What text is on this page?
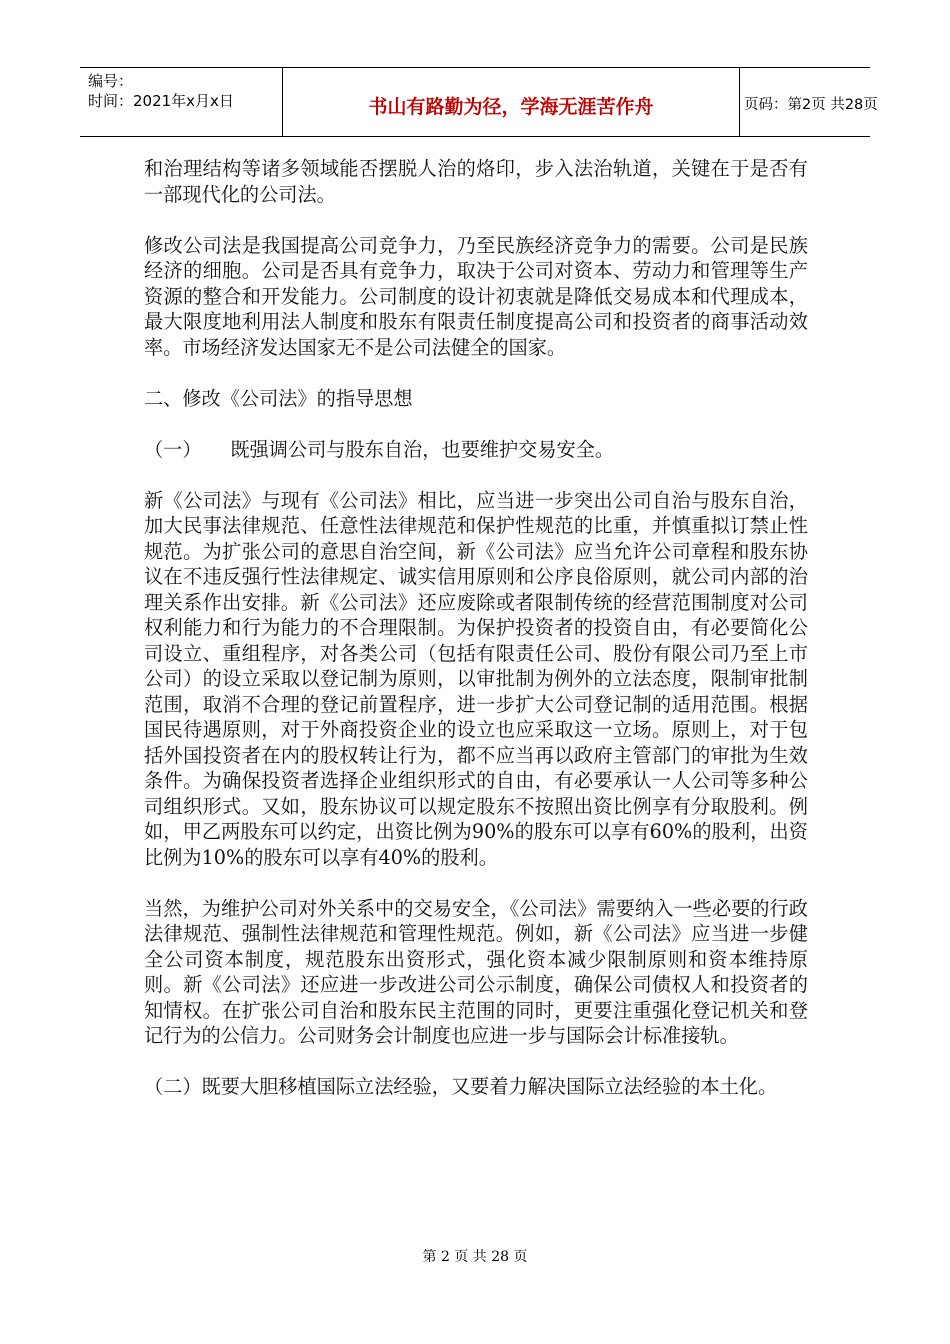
编号：
时间：2021年x月x日	书山有路勤为径，学海无涯苦作舟	页码：第2页 共28页

和治理结构等诸多领域能否摆脱人治的烙印，步入法治轨道，关键在于是否有一部现代化的公司法。

修改公司法是我国提高公司竞争力，乃至民族经济竞争力的需要。公司是民族经济的细胞。公司是否具有竞争力，取决于公司对资本、劳动力和管理等生产资源的整合和开发能力。公司制度的设计初衷就是降低交易成本和代理成本，最大限度地利用法人制度和股东有限责任制度提高公司和投资者的商事活动效率。市场经济发达国家无不是公司法健全的国家。

二、修改《公司法》的指导思想

（一）　　既强调公司与股东自治，也要维护交易安全。

新《公司法》与现有《公司法》相比，应当进一步突出公司自治与股东自治，加大民事法律规范、任意性法律规范和保护性规范的比重，并慎重拟订禁止性规范。为扩张公司的意思自治空间，新《公司法》应当允许公司章程和股东协议在不违反强行性法律规定、诚实信用原则和公序良俗原则，就公司内部的治理关系作出安排。新《公司法》还应废除或者限制传统的经营范围制度对公司权利能力和行为能力的不合理限制。为保护投资者的投资自由，有必要简化公司设立、重组程序，对各类公司（包括有限责任公司、股份有限公司乃至上市公司）的设立采取以登记制为原则，以审批制为例外的立法态度，限制审批制范围，取消不合理的登记前置程序，进一步扩大公司登记制的适用范围。根据国民待遇原则，对于外商投资企业的设立也应采取这一立场。原则上，对于包括外国投资者在内的股权转让行为，都不应当再以政府主管部门的审批为生效条件。为确保投资者选择企业组织形式的自由，有必要承认一人公司等多种公司组织形式。又如，股东协议可以规定股东不按照出资比例享有分取股利。例如，甲乙两股东可以约定，出资比例为90%的股东可以享有60%的股利，出资比例为10%的股东可以享有40%的股利。

当然，为维护公司对外关系中的交易安全，《公司法》需要纳入一些必要的行政法律规范、强制性法律规范和管理性规范。例如，新《公司法》应当进一步健全公司资本制度，规范股东出资形式，强化资本减少限制原则和资本维持原则。新《公司法》还应进一步改进公司公示制度，确保公司债权人和投资者的知情权。在扩张公司自治和股东民主范围的同时，更要注重强化登记机关和登记行为的公信力。公司财务会计制度也应进一步与国际会计标准接轨。

（二）既要大胆移植国际立法经验，又要着力解决国际立法经验的本土化。

第 2 页 共 28 页
